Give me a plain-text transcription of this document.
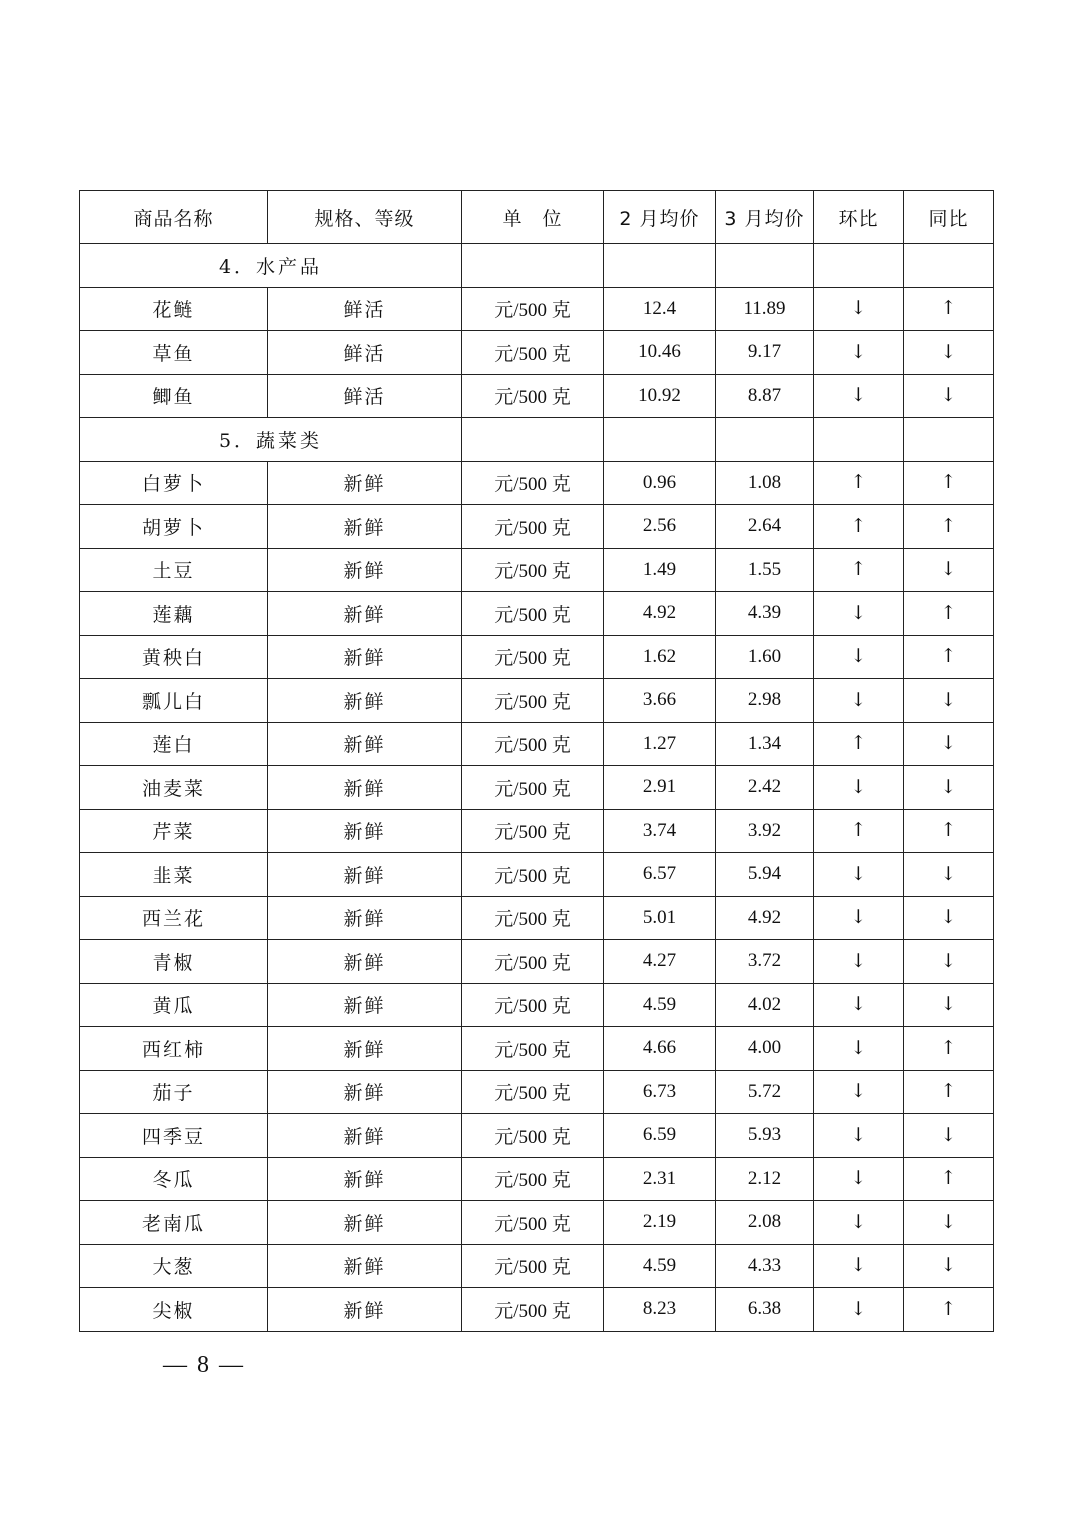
商品名称	规格、等级	单　位	2 月均价	3 月均价	环比	同比
4．水产品						
花鲢	鲜活	元/500 克	12.4	11.89	↓	↑
草鱼	鲜活	元/500 克	10.46	9.17	↓	↓
鲫鱼	鲜活	元/500 克	10.92	8.87	↓	↓
5．蔬菜类						
白萝卜	新鲜	元/500 克	0.96	1.08	↑	↑
胡萝卜	新鲜	元/500 克	2.56	2.64	↑	↑
土豆	新鲜	元/500 克	1.49	1.55	↑	↓
莲藕	新鲜	元/500 克	4.92	4.39	↓	↑
黄秧白	新鲜	元/500 克	1.62	1.60	↓	↑
瓢儿白	新鲜	元/500 克	3.66	2.98	↓	↓
莲白	新鲜	元/500 克	1.27	1.34	↑	↓
油麦菜	新鲜	元/500 克	2.91	2.42	↓	↓
芹菜	新鲜	元/500 克	3.74	3.92	↑	↑
韭菜	新鲜	元/500 克	6.57	5.94	↓	↓
西兰花	新鲜	元/500 克	5.01	4.92	↓	↓
青椒	新鲜	元/500 克	4.27	3.72	↓	↓
黄瓜	新鲜	元/500 克	4.59	4.02	↓	↓
西红柿	新鲜	元/500 克	4.66	4.00	↓	↑
茄子	新鲜	元/500 克	6.73	5.72	↓	↑
四季豆	新鲜	元/500 克	6.59	5.93	↓	↓
冬瓜	新鲜	元/500 克	2.31	2.12	↓	↑
老南瓜	新鲜	元/500 克	2.19	2.08	↓	↓
大葱	新鲜	元/500 克	4.59	4.33	↓	↓
尖椒	新鲜	元/500 克	8.23	6.38	↓	↑
— 8 —
